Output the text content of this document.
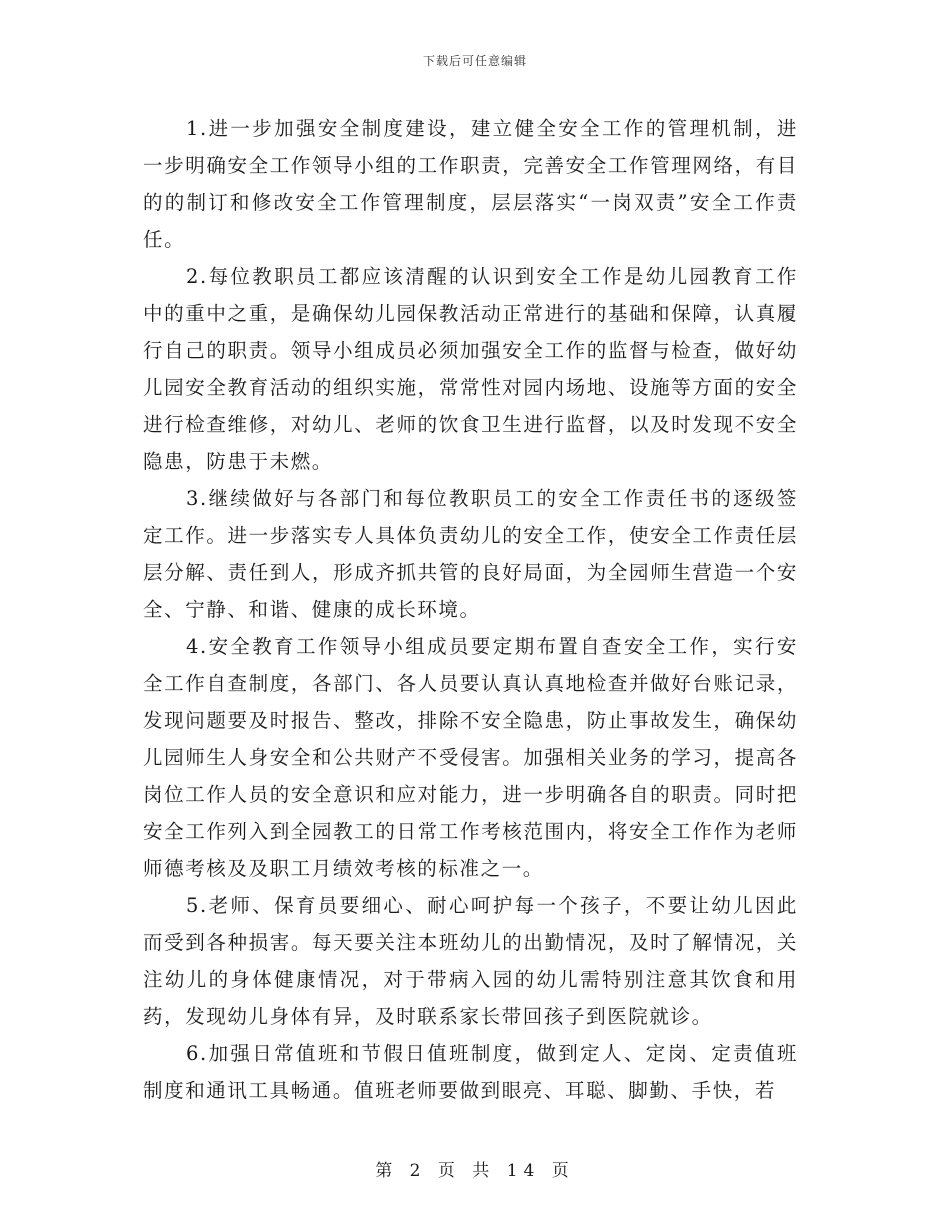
下载后可任意编辑

1.进一步加强安全制度建设，建立健全安全工作的管理机制，进一步明确安全工作领导小组的工作职责，完善安全工作管理网络，有目的的制订和修改安全工作管理制度，层层落实“一岗双责”安全工作责任。

2.每位教职员工都应该清醒的认识到安全工作是幼儿园教育工作中的重中之重，是确保幼儿园保教活动正常进行的基础和保障，认真履行自己的职责。领导小组成员必须加强安全工作的监督与检查，做好幼儿园安全教育活动的组织实施，常常性对园内场地、设施等方面的安全进行检查维修，对幼儿、老师的饮食卫生进行监督，以及时发现不安全隐患，防患于未燃。

3.继续做好与各部门和每位教职员工的安全工作责任书的逐级签定工作。进一步落实专人具体负责幼儿的安全工作，使安全工作责任层层分解、责任到人，形成齐抓共管的良好局面，为全园师生营造一个安全、宁静、和谐、健康的成长环境。

4.安全教育工作领导小组成员要定期布置自查安全工作，实行安全工作自查制度，各部门、各人员要认真认真地检查并做好台账记录，发现问题要及时报告、整改，排除不安全隐患，防止事故发生，确保幼儿园师生人身安全和公共财产不受侵害。加强相关业务的学习，提高各岗位工作人员的安全意识和应对能力，进一步明确各自的职责。同时把安全工作列入到全园教工的日常工作考核范围内，将安全工作作为老师师德考核及及职工月绩效考核的标准之一。

5.老师、保育员要细心、耐心呵护每一个孩子，不要让幼儿因此而受到各种损害。每天要关注本班幼儿的出勤情况，及时了解情况，关注幼儿的身体健康情况，对于带病入园的幼儿需特别注意其饮食和用药，发现幼儿身体有异，及时联系家长带回孩子到医院就诊。

6.加强日常值班和节假日值班制度，做到定人、定岗、定责值班制度和通讯工具畅通。值班老师要做到眼亮、耳聪、脚勤、手快，若

第 2 页 共 14 页
